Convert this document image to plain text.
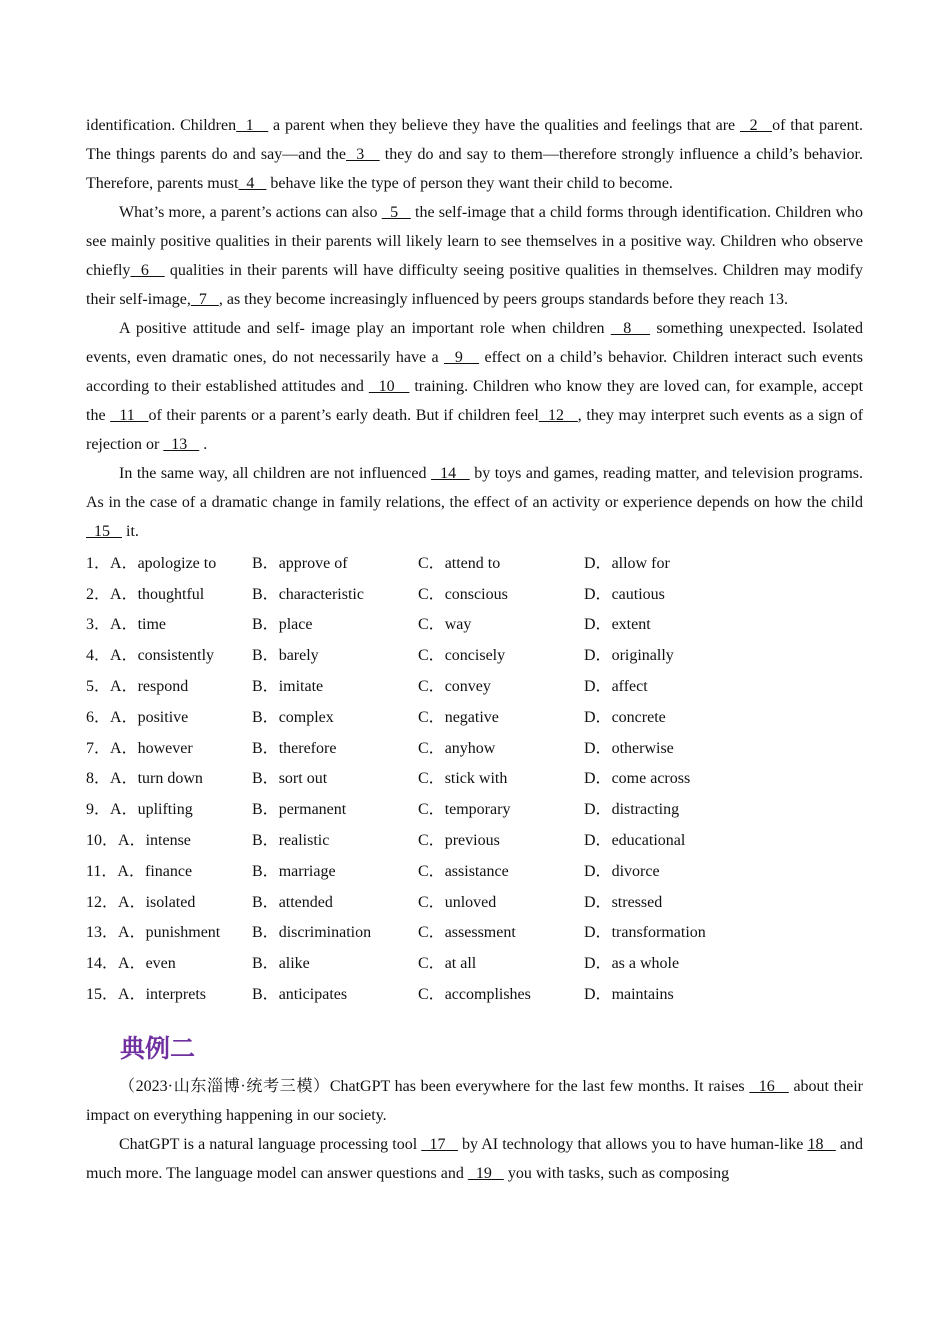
identification. Children  1    a parent when they believe they have the qualities and feelings that are   2   of that parent. The things parents do and say—and the  3    they do and say to them—therefore strongly influence a child’s behavior. Therefore, parents must  4    behave like the type of person they want their child to become.

What’s more, a parent’s actions can also   5    the self-image that a child forms through identification. Children who see mainly positive qualities in their parents will likely learn to see themselves in a positive way. Children who observe chiefly  6    qualities in their parents will have difficulty seeing positive qualities in themselves. Children may modify their self-image,  7   , as they become increasingly influenced by peers groups standards before they reach 13.

A positive attitude and self- image play an important role when children   8    something unexpected. Isolated events, even dramatic ones, do not necessarily have a   9    effect on a child’s behavior. Children interact such events according to their established attitudes and   10    training. Children who know they are loved can, for example, accept the   11   of their parents or a parent’s early death. But if children feel  12   , they may interpret such events as a sign of rejection or   13    .

In the same way, all children are not influenced   14    by toys and games, reading matter, and television programs. As in the case of a dramatic change in family relations, the effect of an activity or experience depends on how the child   15    it.

1．A．apologize to	B．approve of	C．attend to	D．allow for
2．A．thoughtful	B．characteristic	C．conscious	D．cautious
3．A．time	B．place	C．way	D．extent
4．A．consistently	B．barely	C．concisely	D．originally
5．A．respond	B．imitate	C．convey	D．affect
6．A．positive	B．complex	C．negative	D．concrete
7．A．however	B．therefore	C．anyhow	D．otherwise
8．A．turn down	B．sort out	C．stick with	D．come across
9．A．uplifting	B．permanent	C．temporary	D．distracting
10．A．intense	B．realistic	C．previous	D．educational
11．A．finance	B．marriage	C．assistance	D．divorce
12．A．isolated	B．attended	C．unloved	D．stressed
13．A．punishment	B．discrimination	C．assessment	D．transformation
14．A．even	B．alike	C．at all	D．as a whole
15．A．interprets	B．anticipates	C．accomplishes	D．maintains
典例二

（2023·山东淄博·统考三模）ChatGPT has been everywhere for the last few months. It raises   16    about their impact on everything happening in our society.

ChatGPT is a natural language processing tool   17    by AI technology that allows you to have human-like 18    and much more. The language model can answer questions and   19    you with tasks, such as composing
